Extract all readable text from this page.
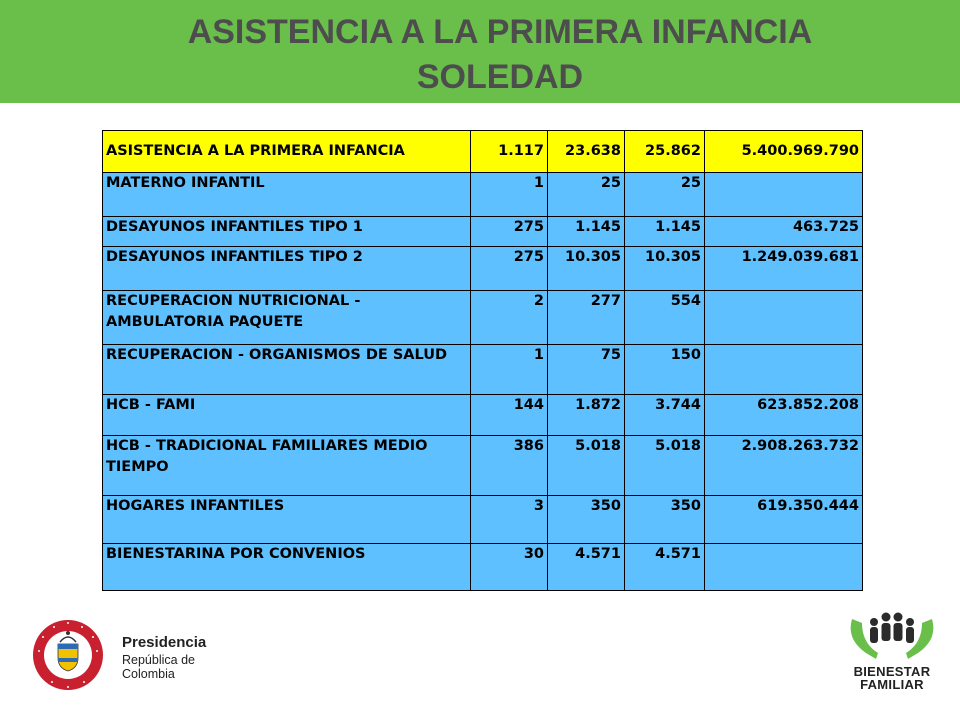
ASISTENCIA A LA PRIMERA INFANCIA
SOLEDAD
ASISTENCIA A LA PRIMERA INFANCIA	1.117	23.638	25.862	5.400.969.790
MATERNO INFANTIL	1	25	25	
DESAYUNOS INFANTILES TIPO 1	275	1.145	1.145	463.725
DESAYUNOS INFANTILES TIPO 2	275	10.305	10.305	1.249.039.681
RECUPERACION NUTRICIONAL - AMBULATORIA PAQUETE	2	277	554	
RECUPERACION - ORGANISMOS DE SALUD	1	75	150	
HCB - FAMI	144	1.872	3.744	623.852.208
HCB - TRADICIONAL FAMILIARES MEDIO TIEMPO	386	5.018	5.018	2.908.263.732
HOGARES INFANTILES	3	350	350	619.350.444
BIENESTARINA POR CONVENIOS	30	4.571	4.571	
Presidencia
República de Colombia	BIENESTAR
FAMILIAR
